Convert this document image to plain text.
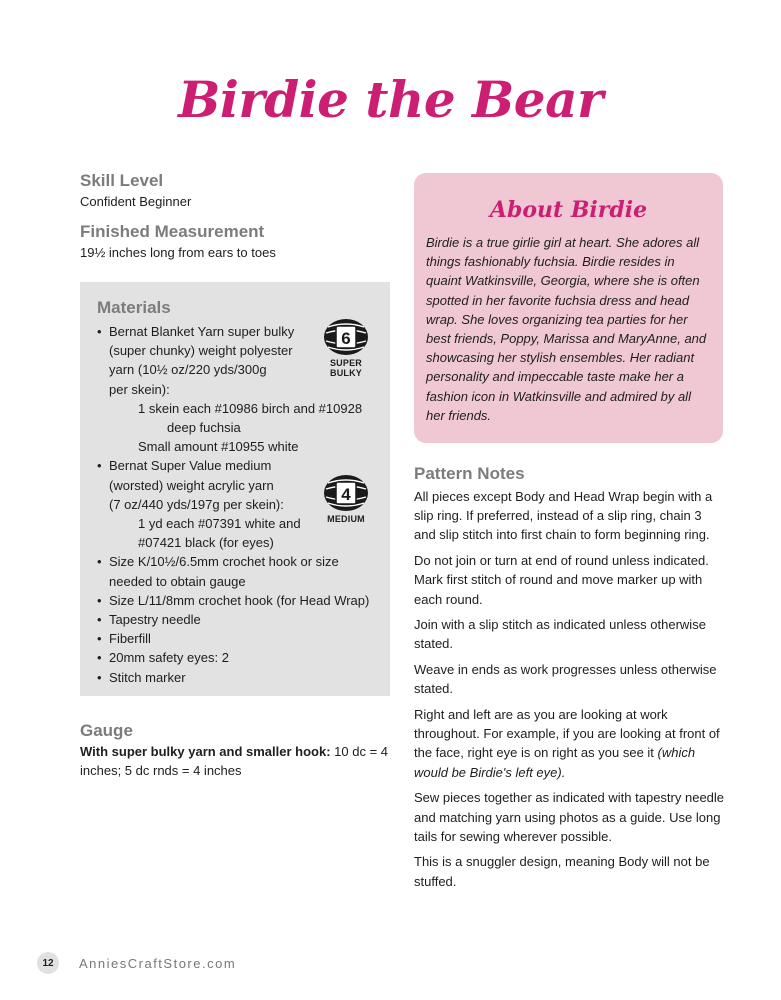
Birdie the Bear

Skill Level

Confident Beginner

Finished Measurement

19½ inches long from ears to toes

Materials

• Bernat Blanket Yarn super bulky
(super chunky) weight polyester
yarn (10½ oz/220 yds/300g
per skein):
1 skein each #10986 birch and #10928
deep fuchsia
Small amount #10955 white
• Bernat Super Value medium
(worsted) weight acrylic yarn
(7 oz/440 yds/197g per skein):
1 yd each #07391 white and
#07421 black (for eyes)
• Size K/10½/6.5mm crochet hook or size
needed to obtain gauge
• Size L/11/8mm crochet hook (for Head Wrap)
• Tapestry needle
• Fiberfill
• 20mm safety eyes: 2
• Stitch marker
6
SUPER BULKY
4
MEDIUM

Gauge

With super bulky yarn and smaller hook: 10 dc = 4 inches; 5 dc rnds = 4 inches

About Birdie

Birdie is a true girlie girl at heart. She adores all things fashionably fuchsia. Birdie resides in quaint Watkinsville, Georgia, where she is often spotted in her favorite fuchsia dress and head wrap. She loves organizing tea parties for her best friends, Poppy, Marissa and MaryAnne, and showcasing her stylish ensembles. Her radiant personality and impeccable taste make her a fashion icon in Watkinsville and admired by all her friends.

Pattern Notes

All pieces except Body and Head Wrap begin with a slip ring. If preferred, instead of a slip ring, chain 3 and slip stitch into first chain to form beginning ring.

Do not join or turn at end of round unless indicated. Mark first stitch of round and move marker up with each round.

Join with a slip stitch as indicated unless otherwise stated.

Weave in ends as work progresses unless otherwise stated.

Right and left are as you are looking at work throughout. For example, if you are looking at front of the face, right eye is on right as you see it (which would be Birdie's left eye).

Sew pieces together as indicated with tapestry needle and matching yarn using photos as a guide. Use long tails for sewing wherever possible.

This is a snuggler design, meaning Body will not be stuffed.

12	AnniesCraftStore.com
